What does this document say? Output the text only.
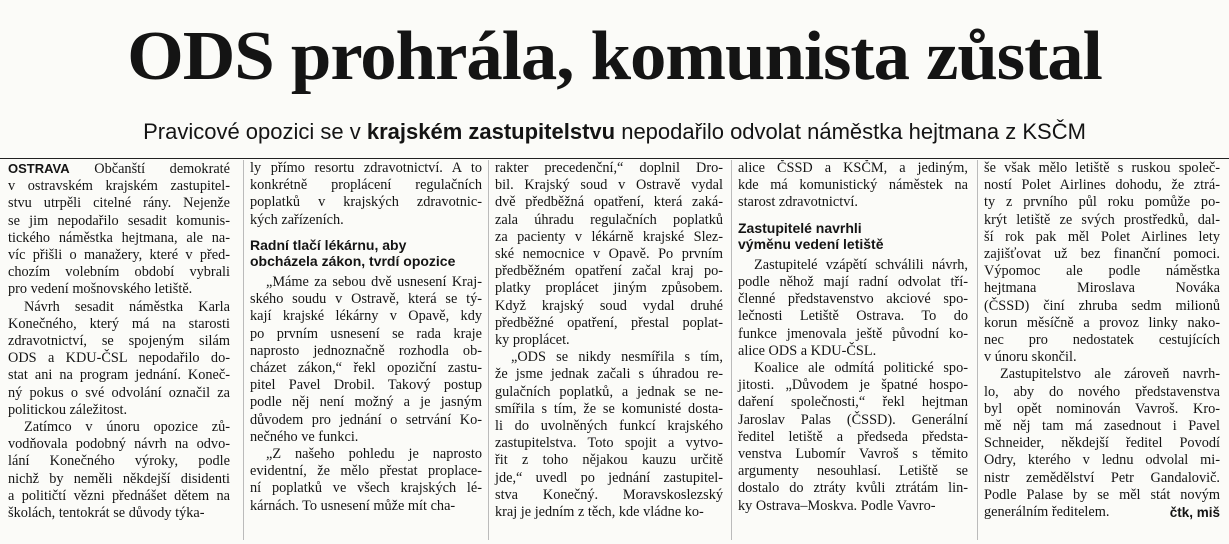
ODS prohrála, komunista zůstal
Pravicové opozici se v krajském zastupitelstvu nepodařilo odvolat náměstka hejtmana z KSČM
OSTRAVA Občanští demokraté
v ostravském krajském zastupitel-
stvu utrpěli citelné rány. Nejenže
se jim nepodařilo sesadit komunis-
tického náměstka hejtmana, ale na-
víc přišli o manažery, které v před-
chozím volebním období vybrali
pro vedení mošnovského letiště.
Návrh sesadit náměstka Karla
Konečného, který má na starosti
zdravotnictví, se spojeným silám
ODS a KDU-ČSL nepodařilo do-
stat ani na program jednání. Koneč-
ný pokus o své odvolání označil za
politickou záležitost.
Zatímco v únoru opozice zů-
vodňovala podobný návrh na odvo-
lání Konečného výroky, podle
nichž by neměli někdejší disidenti
a političtí vězni přednášet dětem na
školách, tentokrát se důvody týka-
ly přímo resortu zdravotnictví. A to
konkrétně proplácení regulačních
poplatků v krajských zdravotnic-
kých zařízeních.
Radní tlačí lékárnu, aby
obcházela zákon, tvrdí opozice
„Máme za sebou dvě usnesení Kraj-
ského soudu v Ostravě, která se tý-
kají krajské lékárny v Opavě, kdy
po prvním usnesení se rada kraje
naprosto jednoznačně rozhodla ob-
cházet zákon,“ řekl opoziční zastu-
pitel Pavel Drobil. Takový postup
podle něj není možný a je jasným
důvodem pro jednání o setrvání Ko-
nečného ve funkci.
„Z našeho pohledu je naprosto
evidentní, že mělo přestat proplace-
ní poplatků ve všech krajských lé-
kárnách. To usnesení může mít cha-
rakter precedenční,“ doplnil Dro-
bil. Krajský soud v Ostravě vydal
dvě předběžná opatření, která zaká-
zala úhradu regulačních poplatků
za pacienty v lékárně krajské Slez-
ské nemocnice v Opavě. Po prvním
předběžném opatření začal kraj po-
platky proplácet jiným způsobem.
Když krajský soud vydal druhé
předběžné opatření, přestal poplat-
ky proplácet.
„ODS se nikdy nesmířila s tím,
že jsme jednak začali s úhradou re-
gulačních poplatků, a jednak se ne-
smířila s tím, že se komunisté dosta-
li do uvolněných funkcí krajského
zastupitelstva. Toto spojit a vytvo-
řit z toho nějakou kauzu určitě
jde,“ uvedl po jednání zastupitel-
stva Konečný. Moravskoslezský
kraj je jedním z těch, kde vládne ko-
alice ČSSD a KSČM, a jediným,
kde má komunistický náměstek na
starost zdravotnictví.
Zastupitelé navrhli
výměnu vedení letiště
Zastupitelé vzápětí schválili návrh,
podle něhož mají radní odvolat tří-
členné představenstvo akciové spo-
lečnosti Letiště Ostrava. To do
funkce jmenovala ještě původní ko-
alice ODS a KDU-ČSL.
Koalice ale odmítá politické spo-
jitosti. „Důvodem je špatné hospo-
daření společnosti,“ řekl hejtman
Jaroslav Palas (ČSSD). Generální
ředitel letiště a předseda předsta-
venstva Lubomír Vavroš s těmito
argumenty nesouhlasí. Letiště se
dostalo do ztráty kvůli ztrátám lin-
ky Ostrava–Moskva. Podle Vavro-
še však mělo letiště s ruskou společ-
ností Polet Airlines dohodu, že ztrá-
ty z prvního půl roku pomůže po-
krýt letiště ze svých prostředků, dal-
ší rok pak měl Polet Airlines lety
zajišťovat už bez finanční pomoci.
Výpomoc ale podle náměstka
hejtmana Miroslava Nováka
(ČSSD) činí zhruba sedm milionů
korun měsíčně a provoz linky nako-
nec pro nedostatek cestujících
v únoru skončil.
Zastupitelstvo ale zároveň navrh-
lo, aby do nového představenstva
byl opět nominován Vavroš. Kro-
mě něj tam má zasednout i Pavel
Schneider, někdejší ředitel Povodí
Odry, kterého v lednu odvolal mi-
nistr zemědělství Petr Gandalovič.
Podle Palase by se měl stát novým
generálním ředitelem.	čtk, miš
